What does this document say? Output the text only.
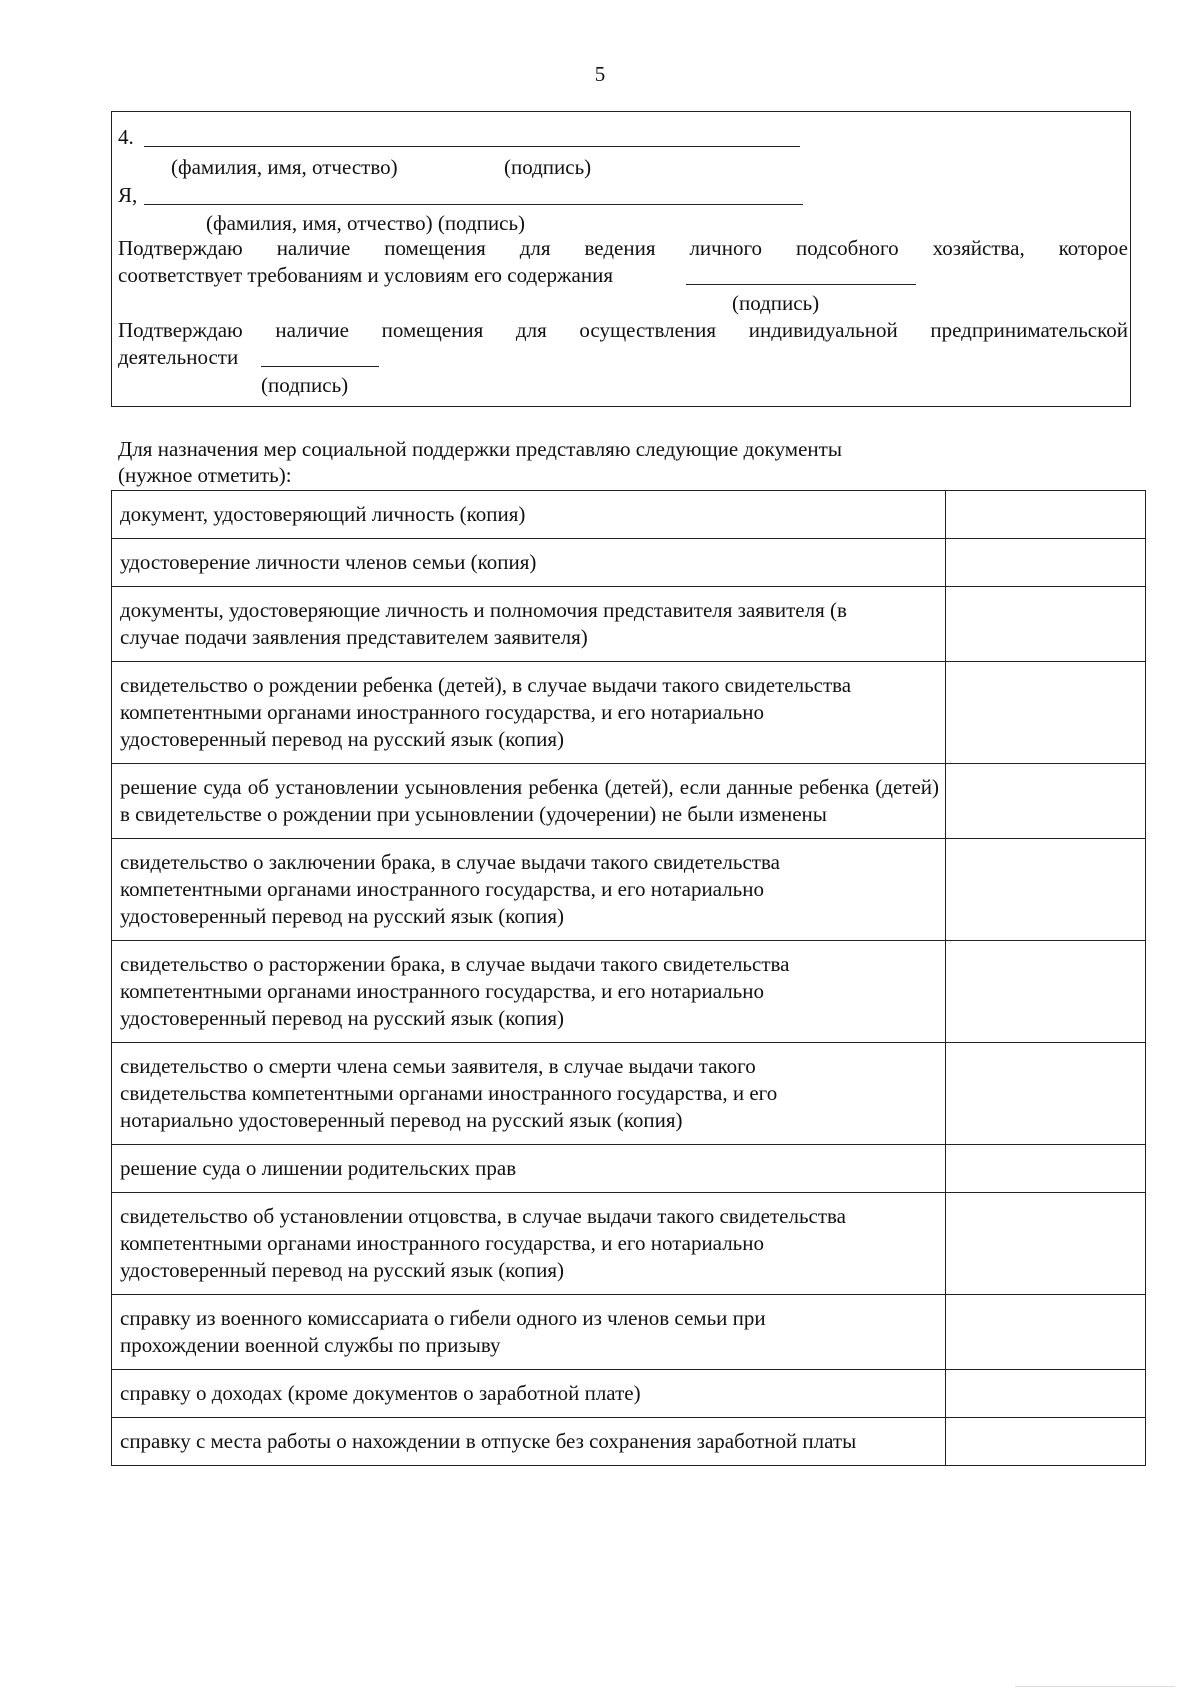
5
4.
(фамилия, имя, отчество)	(подпись)
Я,
(фамилия, имя, отчество) (подпись)
Подтверждаю наличие помещения для ведения личного подсобного хозяйства, которое
соответствует требованиям и условиям его содержания
(подпись)
Подтверждаю наличие помещения для осуществления индивидуальной предпринимательской
деятельности
(подпись)
Для назначения мер социальной поддержки представляю следующие документы
(нужное отметить):
документ, удостоверяющий личность (копия)	
удостоверение личности членов семьи (копия)	
документы, удостоверяющие личность и полномочия представителя заявителя (в случае подачи заявления представителем заявителя)	
свидетельство о рождении ребенка (детей), в случае выдачи такого свидетельства компетентными органами иностранного государства, и его нотариально удостоверенный перевод на русский язык (копия)	
решение суда об установлении усыновления ребенка (детей), если данные ребенка (детей) в свидетельстве о рождении при усыновлении (удочерении) не были изменены	
свидетельство о заключении брака, в случае выдачи такого свидетельства компетентными органами иностранного государства, и его нотариально удостоверенный перевод на русский язык (копия)	
свидетельство о расторжении брака, в случае выдачи такого свидетельства компетентными органами иностранного государства, и его нотариально удостоверенный перевод на русский язык (копия)	
свидетельство о смерти члена семьи заявителя, в случае выдачи такого свидетельства компетентными органами иностранного государства, и его нотариально удостоверенный перевод на русский язык (копия)	
решение суда о лишении родительских прав	
свидетельство об установлении отцовства, в случае выдачи такого свидетельства компетентными органами иностранного государства, и его нотариально удостоверенный перевод на русский язык (копия)	
справку из военного комиссариата о гибели одного из членов семьи при прохождении военной службы по призыву	
справку о доходах (кроме документов о заработной плате)	
справку с места работы о нахождении в отпуске без сохранения заработной платы	
